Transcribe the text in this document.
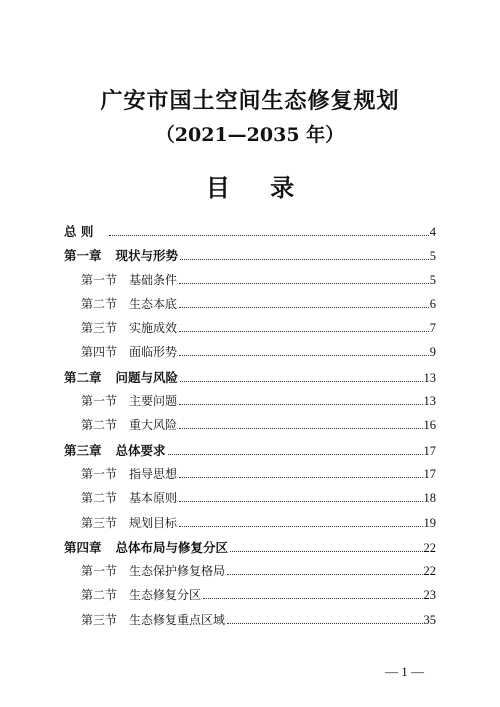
广安市国土空间生态修复规划
（2021—2035 年）
目 录
总 则	4
第一章 现状与形势	5
第一节 基础条件	5
第二节 生态本底	6
第三节 实施成效	7
第四节 面临形势	9
第二章 问题与风险	13
第一节 主要问题	13
第二节 重大风险	16
第三章 总体要求	17
第一节 指导思想	17
第二节 基本原则	18
第三节 规划目标	19
第四章 总体布局与修复分区	22
第一节 生态保护修复格局	22
第二节 生态修复分区	23
第三节 生态修复重点区域	35
— 1 —
